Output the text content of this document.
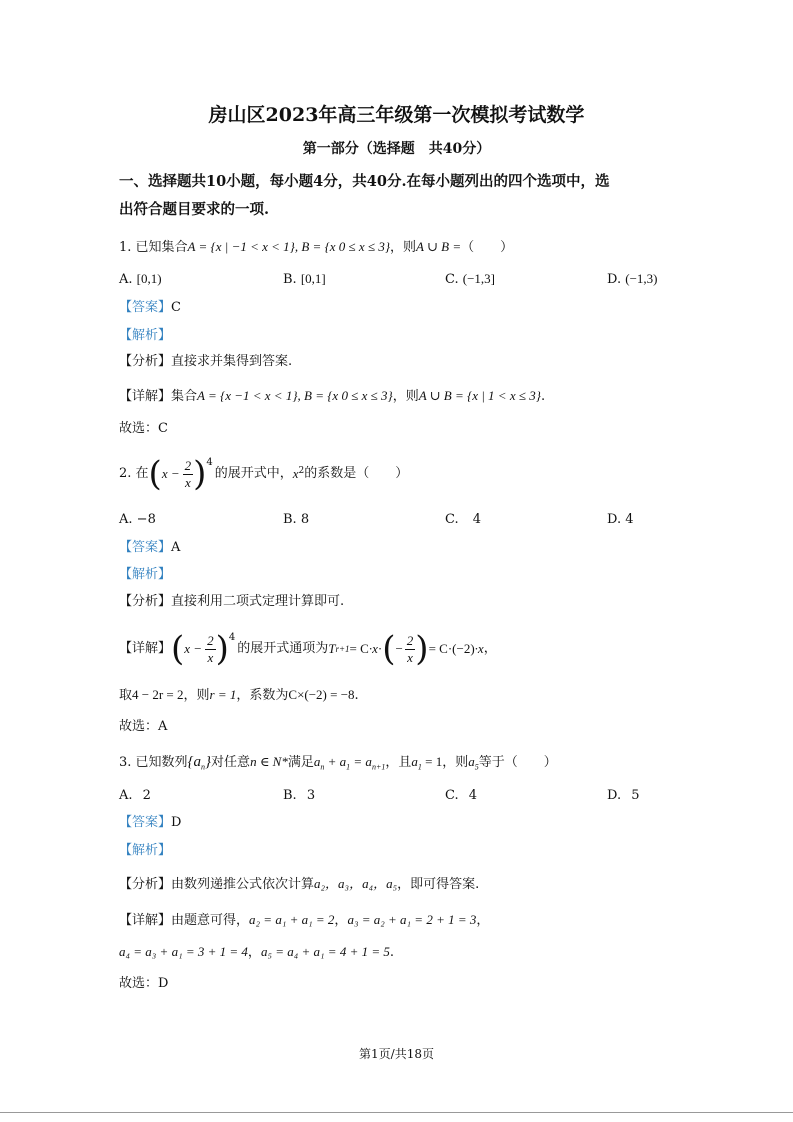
房山区2023年高三年级第一次模拟考试数学
第一部分（选择题　共40分）
一、选择题共10小题，每小题4分，共40分.在每小题列出的四个选项中，选
出符合题目要求的一项.
1. 已知集合A = {x | −1 < x < 1}, B = {x 0 ≤ x ≤ 3}，则A ∪ B =（　　）
A. [0,1)	B. [0,1]	C. (−1,3]	D. (−1,3)
【答案】C
【解析】
【分析】直接求并集得到答案.
【详解】集合A = {x −1 < x < 1}, B = {x 0 ≤ x ≤ 3}，则A ∪ B = {x | 1 < x ≤ 3}.
故选：C
2. 在 ( $x - \frac{2}{x} )^4$
的展开式中， $x^2$ 的系数是（　　）
A. −8	B. 8	C. 4	D. 4
【答案】A
【解析】
【分析】直接利用二项式定理计算即可.
【详解】 ( $x - \frac{2}{x} )^4$
的展开式通项为 T r+1 = C ·x · ( − $\frac{2}{x}$ ) = C ·(−2) ·x ，
取4 − 2r = 2，则r = 1，系数为C×(−2) = −8.
故选：A
3. 已知数列$\{a_n\}$对任意n ∈ N*满足$a_n + a_1 = a_{n+1}$，且$a_1 = 1$，则$a_5$等于（　　）
A. 2	B. 3	C. 4	D. 5
【答案】D
【解析】
【分析】由数列递推公式依次计算a₂，a₃，a₄，a₅，即可得答案.
【详解】由题意可得，a₂ = a₁ + a₁ = 2，a₃ = a₂ + a₁ = 2 + 1 = 3，
a₄ = a₃ + a₁ = 3 + 1 = 4，a₅ = a₄ + a₁ = 4 + 1 = 5.
故选：D
第1页/共18页
